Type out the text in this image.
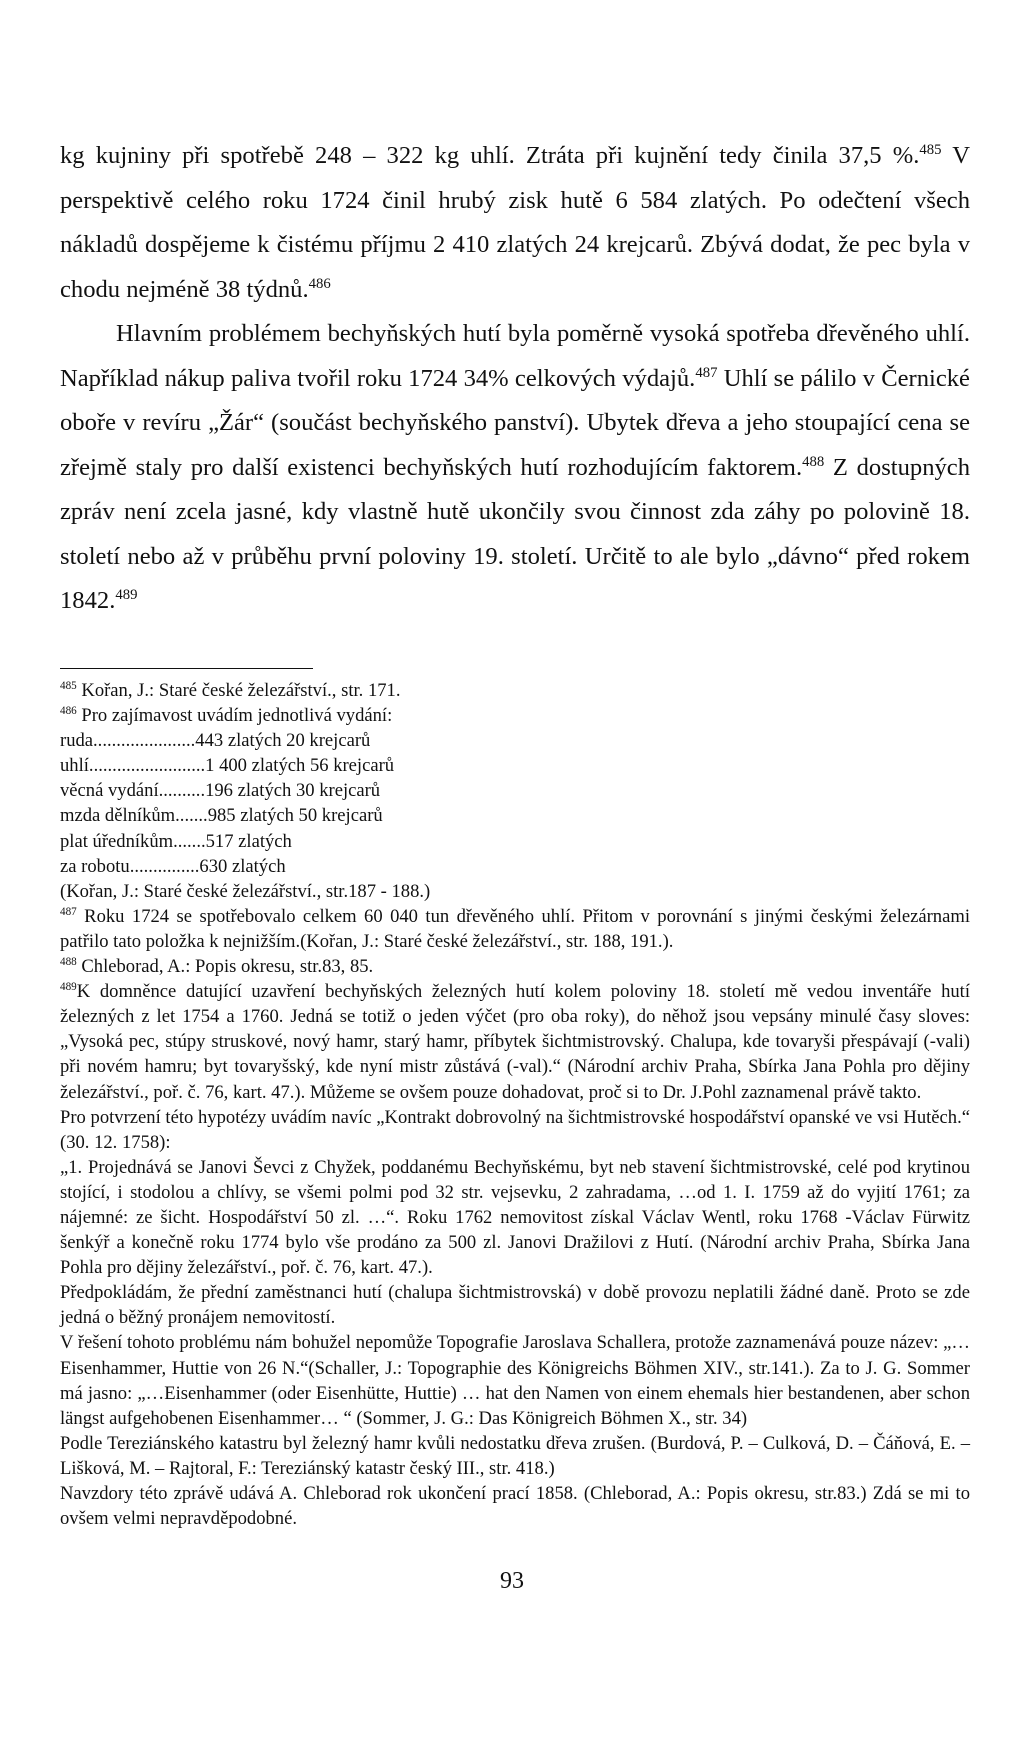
kg kujniny při spotřebě 248 – 322 kg uhlí. Ztráta při kujnění tedy činila 37,5 %.$^{485}$ V perspektivě celého roku 1724 činil hrubý zisk hutě 6 584 zlatých. Po odečtení všech nákladů dospějeme k čistému příjmu 2 410 zlatých 24 krejcarů. Zbývá dodat, že pec byla v chodu nejméně 38 týdnů.$^{486}$

Hlavním problémem bechyňských hutí byla poměrně vysoká spotřeba dřevěného uhlí. Například nákup paliva tvořil roku 1724 34% celkových výdajů.$^{487}$ Uhlí se pálilo v Černické oboře v revíru „Žár“ (součást bechyňského panství). Ubytek dřeva a jeho stoupající cena se zřejmě staly pro další existenci bechyňských hutí rozhodujícím faktorem.$^{488}$ Z dostupných zpráv není zcela jasné, kdy vlastně hutě ukončily svou činnost zda záhy po polovině 18. století nebo až v průběhu první poloviny 19. století. Určitě to ale bylo „dávno“ před rokem 1842.$^{489}$

$^{485}$ Kořan, J.: Staré české železářství., str. 171.

$^{486}$ Pro zajímavost uvádím jednotlivá vydání:

ruda......................443 zlatých 20 krejcarů

uhlí.........................1 400 zlatých 56 krejcarů

věcná vydání..........196 zlatých 30 krejcarů

mzda dělníkům.......985 zlatých 50 krejcarů

plat úředníkům.......517 zlatých

za robotu...............630 zlatých

(Kořan, J.: Staré české železářství., str.187 - 188.)

$^{487}$ Roku 1724 se spotřebovalo celkem 60 040 tun dřevěného uhlí. Přitom v porovnání s jinými českými železárnami patřilo tato položka k nejnižším.(Kořan, J.: Staré české železářství., str. 188, 191.).

$^{488}$ Chleborad, A.: Popis okresu, str.83, 85.

$^{489}$K domněnce datující uzavření bechyňských železných hutí kolem poloviny 18. století mě vedou inventáře hutí železných z let 1754 a 1760. Jedná se totiž o jeden výčet (pro oba roky), do něhož jsou vepsány minulé časy sloves: „Vysoká pec, stúpy struskové, nový hamr, starý hamr, příbytek šichtmistrovský. Chalupa, kde tovaryši přespávají (-vali) při novém hamru; byt tovaryšský, kde nyní mistr zůstává (-val).“ (Národní archiv Praha, Sbírka Jana Pohla pro dějiny železářství., poř. č. 76, kart. 47.). Můžeme se ovšem pouze dohadovat, proč si to Dr. J.Pohl zaznamenal právě takto.

Pro potvrzení této hypotézy uvádím navíc „Kontrakt dobrovolný na šichtmistrovské hospodářství opanské ve vsi Hutěch.“ (30. 12. 1758):

„1. Projednává se Janovi Ševci z Chyžek, poddanému Bechyňskému, byt neb stavení šichtmistrovské, celé pod krytinou stojící, i stodolou a chlívy, se všemi polmi pod 32 str. vejsevku, 2 zahradama, …od 1. I. 1759 až do vyjití 1761; za nájemné: ze šicht. Hospodářství 50 zl. …“. Roku 1762 nemovitost získal Václav Wentl, roku 1768 -Václav Fürwitz šenkýř a konečně roku 1774 bylo vše prodáno za 500 zl. Janovi Dražilovi z Hutí. (Národní archiv Praha, Sbírka Jana Pohla pro dějiny železářství., poř. č. 76, kart. 47.).

Předpokládám, že přední zaměstnanci hutí (chalupa šichtmistrovská) v době provozu neplatili žádné daně. Proto se zde jedná o běžný pronájem nemovitostí.

V řešení tohoto problému nám bohužel nepomůže Topografie Jaroslava Schallera, protože zaznamenává pouze název: „…Eisenhammer, Huttie von 26 N.“(Schaller, J.: Topographie des Königreichs Böhmen XIV., str.141.). Za to J. G. Sommer má jasno: „…Eisenhammer (oder Eisenhütte, Huttie) … hat den Namen von einem ehemals hier bestandenen, aber schon längst aufgehobenen Eisenhammer… “ (Sommer, J. G.: Das Königreich Böhmen X., str. 34)

Podle Tereziánského katastru byl železný hamr kvůli nedostatku dřeva zrušen. (Burdová, P. – Culková, D. – Čáňová, E. – Lišková, M. – Rajtoral, F.: Tereziánský katastr český III., str. 418.)

Navzdory této zprávě udává A. Chleborad rok ukončení prací 1858. (Chleborad, A.: Popis okresu, str.83.) Zdá se mi to ovšem velmi nepravděpodobné.

93
